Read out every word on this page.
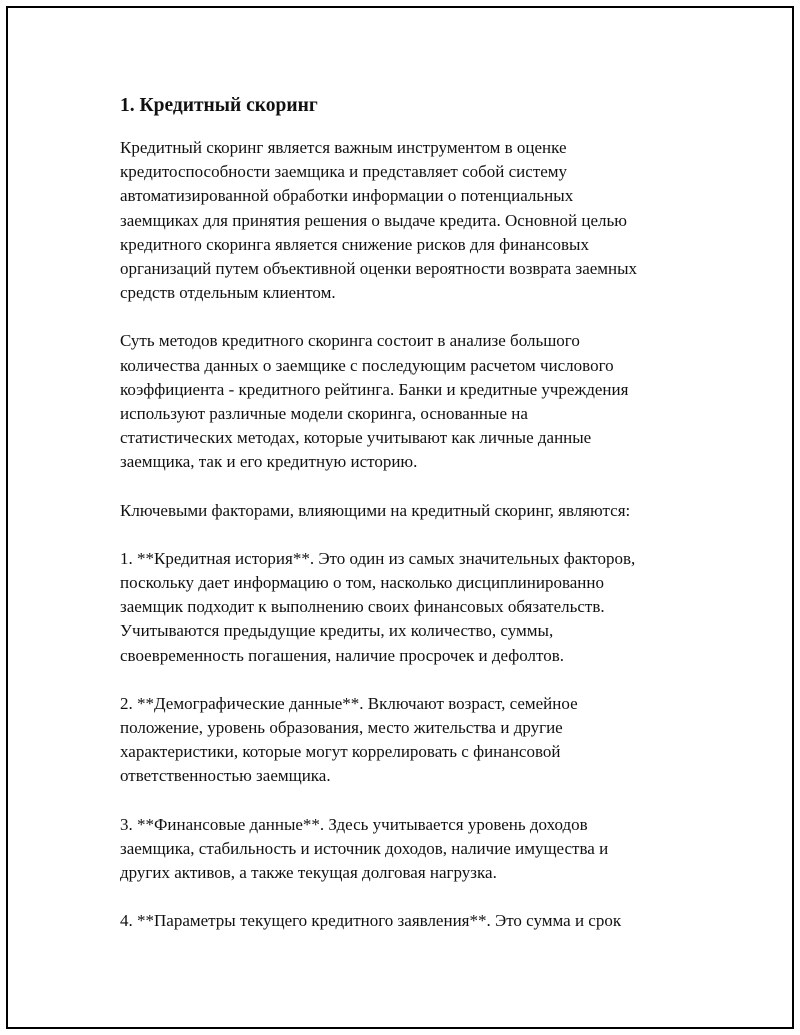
1. Кредитный скоринг

Кредитный скоринг является важным инструментом в оценке
кредитоспособности заемщика и представляет собой систему
автоматизированной обработки информации о потенциальных
заемщиках для принятия решения о выдаче кредита. Основной целью
кредитного скоринга является снижение рисков для финансовых
организаций путем объективной оценки вероятности возврата заемных
средств отдельным клиентом.

Суть методов кредитного скоринга состоит в анализе большого
количества данных о заемщике с последующим расчетом числового
коэффициента - кредитного рейтинга. Банки и кредитные учреждения
используют различные модели скоринга, основанные на
статистических методах, которые учитывают как личные данные
заемщика, так и его кредитную историю.

Ключевыми факторами, влияющими на кредитный скоринг, являются:

1. **Кредитная история**. Это один из самых значительных факторов,
поскольку дает информацию о том, насколько дисциплинированно
заемщик подходит к выполнению своих финансовых обязательств.
Учитываются предыдущие кредиты, их количество, суммы,
своевременность погашения, наличие просрочек и дефолтов.

2. **Демографические данные**. Включают возраст, семейное
положение, уровень образования, место жительства и другие
характеристики, которые могут коррелировать с финансовой
ответственностью заемщика.

3. **Финансовые данные**. Здесь учитывается уровень доходов
заемщика, стабильность и источник доходов, наличие имущества и
других активов, а также текущая долговая нагрузка.

4. **Параметры текущего кредитного заявления**. Это сумма и срок
